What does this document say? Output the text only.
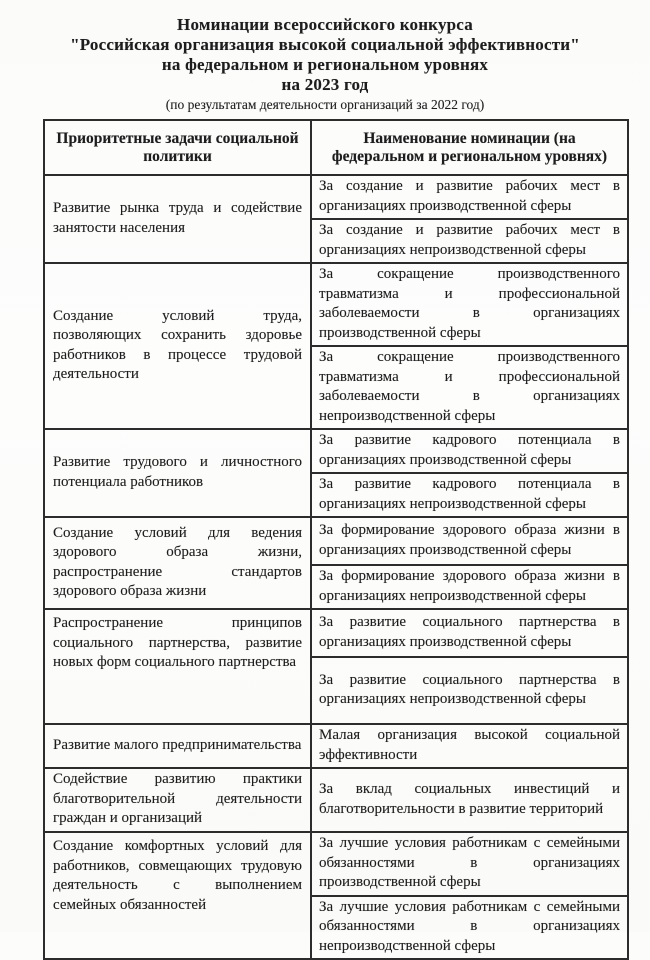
Номинации всероссийского конкурса
"Российская организация высокой социальной эффективности"
на федеральном и региональном уровнях
на 2023 год
(по результатам деятельности организаций за 2022 год)
Приоритетные задачи социальной политики	Наименование номинации (на федеральном и региональном уровнях)
Развитие рынка труда и содействие занятости населения	За создание и развитие рабочих мест в организациях производственной сферы
	За создание и развитие рабочих мест в организациях непроизводственной сферы
Создание условий труда, позволяющих сохранить здоровье работников в процессе трудовой деятельности	За сокращение производственного травматизма и профессиональной заболеваемости в организациях производственной сферы
	За сокращение производственного травматизма и профессиональной заболеваемости в организациях непроизводственной сферы
Развитие трудового и личностного потенциала работников	За развитие кадрового потенциала в организациях производственной сферы
	За развитие кадрового потенциала в организациях непроизводственной сферы
Создание условий для ведения здорового образа жизни, распространение стандартов здорового образа жизни	За формирование здорового образа жизни в организациях производственной сферы
	За формирование здорового образа жизни в организациях непроизводственной сферы
Распространение принципов социального партнерства, развитие новых форм социального партнерства	За развитие социального партнерства в организациях производственной сферы
	За развитие социального партнерства в организациях непроизводственной сферы
Развитие малого предпринимательства	Малая организация высокой социальной эффективности
Содействие развитию практики благотворительной деятельности граждан и организаций	За вклад социальных инвестиций и благотворительности в развитие территорий
Создание комфортных условий для работников, совмещающих трудовую деятельность с выполнением семейных обязанностей	За лучшие условия работникам с семейными обязанностями в организациях производственной сферы
	За лучшие условия работникам с семейными обязанностями в организациях непроизводственной сферы
